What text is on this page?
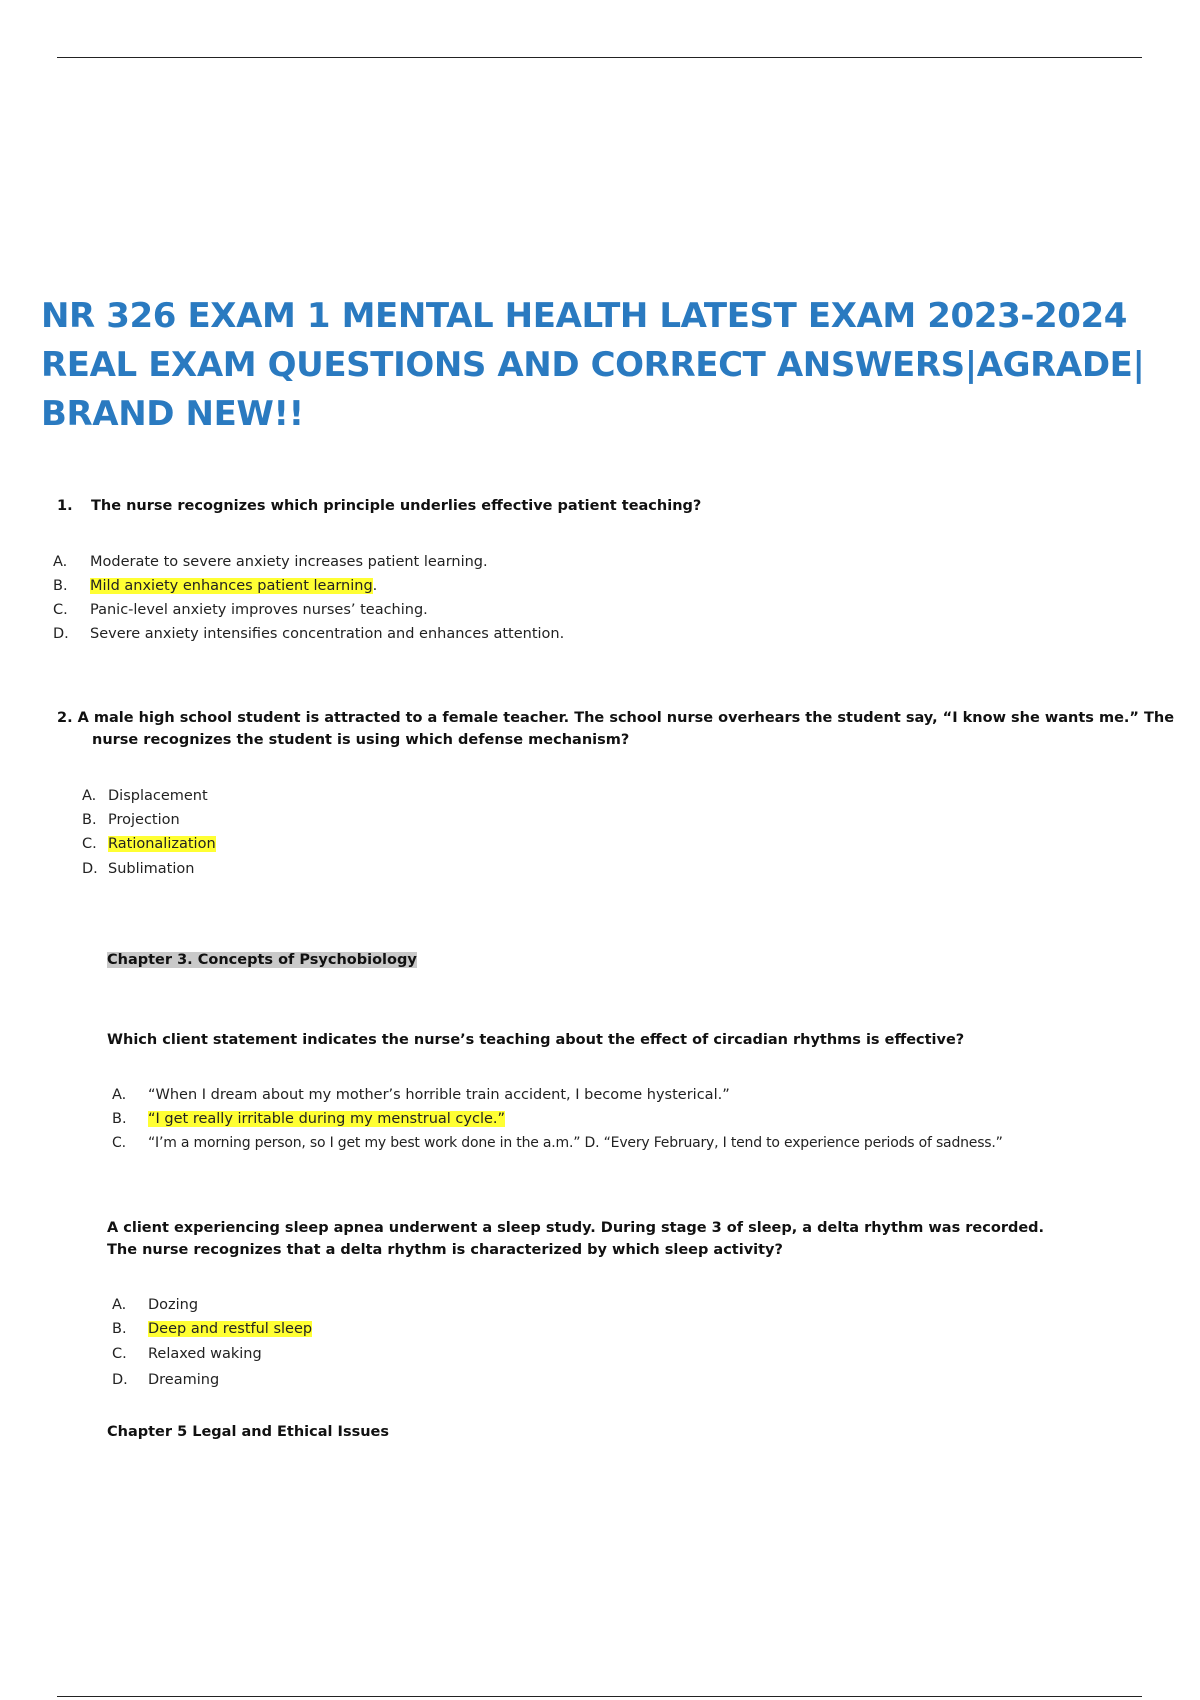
NR 326 EXAM 1 MENTAL HEALTH LATEST EXAM 2023-2024
REAL EXAM QUESTIONS AND CORRECT ANSWERS|AGRADE|
BRAND NEW!!

1. The nurse recognizes which principle underlies effective patient teaching?

A. Moderate to severe anxiety increases patient learning.
B. Mild anxiety enhances patient learning.
C. Panic-level anxiety improves nurses’ teaching.
D. Severe anxiety intensifies concentration and enhances attention.

2. A male high school student is attracted to a female teacher. The school nurse overhears the student say, “I know she wants me.” The

nurse recognizes the student is using which defense mechanism?

A. Displacement
B. Projection
C. Rationalization
D. Sublimation

Chapter 3. Concepts of Psychobiology

Which client statement indicates the nurse’s teaching about the effect of circadian rhythms is effective?

A. “When I dream about my mother’s horrible train accident, I become hysterical.”
B. “I get really irritable during my menstrual cycle.”
C. “I’m a morning person, so I get my best work done in the a.m.” D. “Every February, I tend to experience periods of sadness.”

A client experiencing sleep apnea underwent a sleep study. During stage 3 of sleep, a delta rhythm was recorded.

The nurse recognizes that a delta rhythm is characterized by which sleep activity?

A. Dozing
B. Deep and restful sleep
C. Relaxed waking
D. Dreaming

Chapter 5 Legal and Ethical Issues
